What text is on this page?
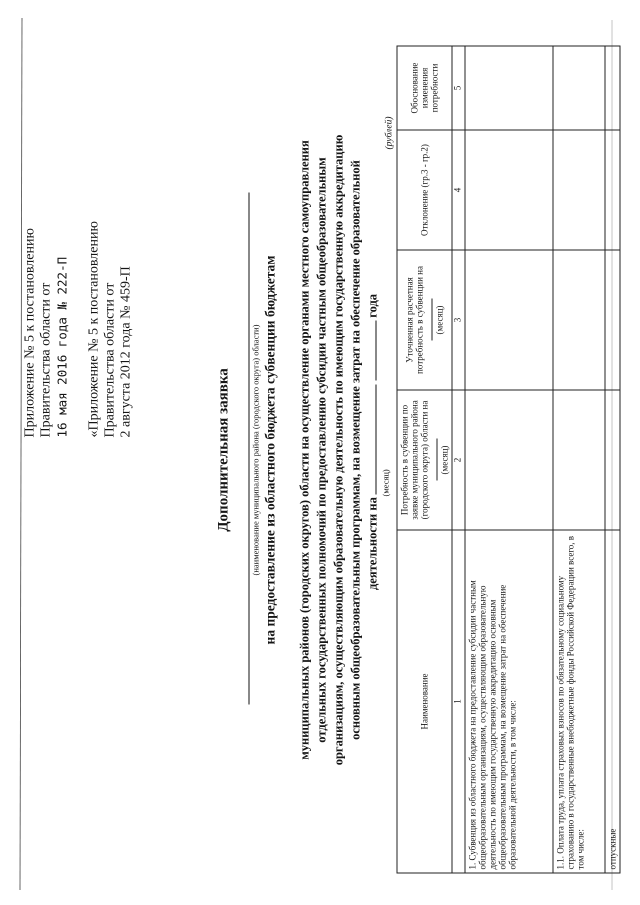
Приложение № 5 к постановлению Правительства области от 16 мая 2016 года № 222-П «Приложение № 5 к постановлению Правительства области от 2 августа 2012 года № 459-П
Дополнительная заявка (наименование муниципального района (городского округа) области) на предоставление из областного бюджета субвенции бюджетам муниципальных районов (городских округов) области на осуществление органами местного самоуправления отдельных государственных полномочий по предоставлению субсидии частным общеобразовательным организациям, осуществляющим образовательную деятельность по имеющим государственную аккредитацию основным общеобразовательным программам, на возмещение затрат на обеспечение образовательной деятельности на   года
(месяц)
(рублей)
Наименование	Потребность в субвенции по заявке муниципального района (городского округа) области на (месяц)	Уточненная расчетная потребность в субвенции на (месяц)	Отклонение (гр.3 - гр.2)	Обоснование изменения потребности
1	2	3	4	5
1. Субвенция из областного бюджета на предоставление субсидии частным общеобразовательным организациям, осуществляющим образовательную деятельность по имеющим государственную аккредитацию основным общеобразовательным программам, на возмещение затрат на обеспечение образовательной деятельности, в том числе:				
1.1. Оплата труда, уплата страховых взносов по обязательному социальному страхованию в государственные внебюджетные фонды Российской Федерации всего, в том числе:				
отпускные				
